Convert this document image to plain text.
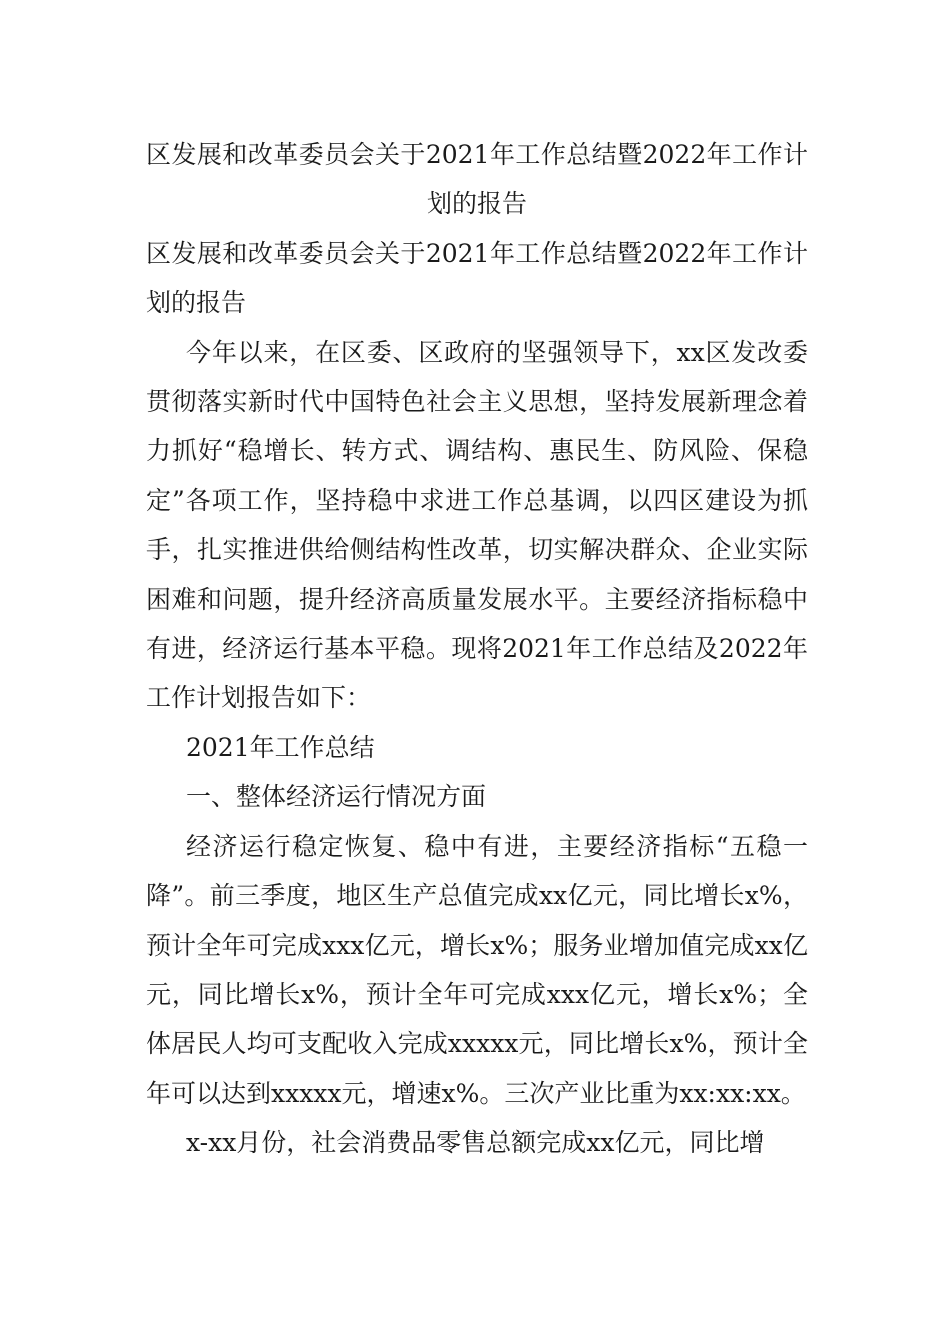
区发展和改革委员会关于2021年工作总结暨2022年工作计划的报告

区发展和改革委员会关于2021年工作总结暨2022年工作计划的报告

今年以来，在区委、区政府的坚强领导下，xx区发改委贯彻落实新时代中国特色社会主义思想，坚持发展新理念着力抓好“稳增长、转方式、调结构、惠民生、防风险、保稳定”各项工作，坚持稳中求进工作总基调，以四区建设为抓手，扎实推进供给侧结构性改革，切实解决群众、企业实际困难和问题，提升经济高质量发展水平。主要经济指标稳中有进，经济运行基本平稳。现将2021年工作总结及2022年工作计划报告如下：

2021年工作总结

一、整体经济运行情况方面

经济运行稳定恢复、稳中有进，主要经济指标“五稳一降”。前三季度，地区生产总值完成xx亿元，同比增长x%，预计全年可完成xxx亿元，增长x%；服务业增加值完成xx亿元，同比增长x%，预计全年可完成xxx亿元，增长x%；全体居民人均可支配收入完成xxxxx元，同比增长x%，预计全年可以达到xxxxx元，增速x%。三次产业比重为xx:xx:xx。

x-xx月份，社会消费品零售总额完成xx亿元，同比增
